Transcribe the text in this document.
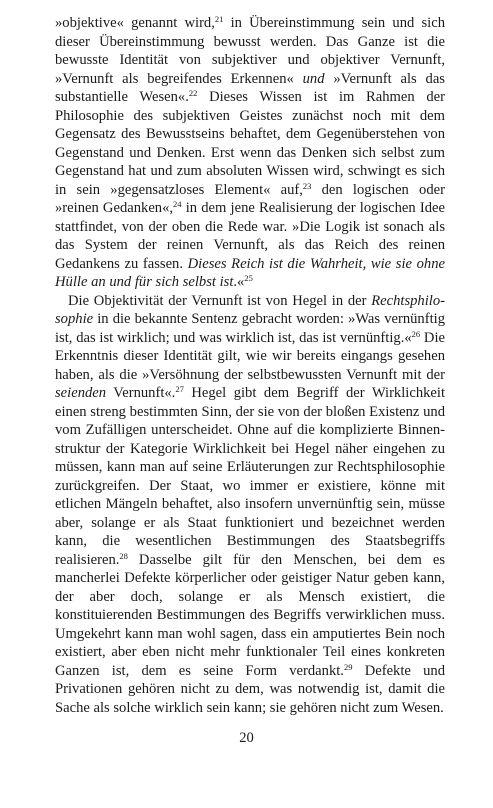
»objektive« genannt wird,$^{21}$ in Übereinstimmung sein und sich dieser Übereinstimmung bewusst werden. Das Ganze ist die bewusste Identität von subjektiver und objektiver Vernunft, »Vernunft als begreifendes Erkennen« und »Vernunft als das substantielle Wesen«.$^{22}$ Dieses Wissen ist im Rahmen der Philosophie des subjektiven Geistes zunächst noch mit dem Gegensatz des Bewusstseins behaftet, dem Gegenüberstehen von Gegenstand und Denken. Erst wenn das Denken sich selbst zum Gegenstand hat und zum absoluten Wissen wird, schwingt es sich in sein »gegensatzloses Element« auf,$^{23}$ den logischen oder »reinen Gedanken«,$^{24}$ in dem jene Realisierung der logischen Idee stattfindet, von der oben die Rede war. »Die Logik ist sonach als das System der reinen Vernunft, als das Reich des reinen Gedankens zu fassen. Dieses Reich ist die Wahrheit, wie sie ohne Hülle an und für sich selbst ist.«$^{25}$

Die Objektivität der Vernunft ist von Hegel in der Rechtsphilosophie in die bekannte Sentenz gebracht worden: »Was vernünftig ist, das ist wirklich; und was wirklich ist, das ist vernünftig.«$^{26}$ Die Erkenntnis dieser Identität gilt, wie wir bereits eingangs gesehen haben, als die »Versöhnung der selbstbewussten Vernunft mit der seienden Vernunft«.$^{27}$ Hegel gibt dem Begriff der Wirklichkeit einen streng bestimmten Sinn, der sie von der bloßen Existenz und vom Zufälligen unterscheidet. Ohne auf die komplizierte Binnenstruktur der Kategorie Wirklichkeit bei Hegel näher eingehen zu müssen, kann man auf seine Erläuterungen zur Rechtsphilosophie zurückgreifen. Der Staat, wo immer er existiere, könne mit etlichen Mängeln behaftet, also insofern unvernünftig sein, müsse aber, solange er als Staat funktioniert und bezeichnet werden kann, die wesentlichen Bestimmungen des Staatsbegriffs realisieren.$^{28}$ Dasselbe gilt für den Menschen, bei dem es mancherlei Defekte körperlicher oder geistiger Natur geben kann, der aber doch, solange er als Mensch existiert, die konstituierenden Bestimmungen des Begriffs verwirklichen muss. Umgekehrt kann man wohl sagen, dass ein amputiertes Bein noch existiert, aber eben nicht mehr funktionaler Teil eines konkreten Ganzen ist, dem es seine Form verdankt.$^{29}$ Defekte und Privationen gehören nicht zu dem, was notwendig ist, damit die Sache als solche wirklich sein kann; sie gehören nicht zum Wesen.

20
